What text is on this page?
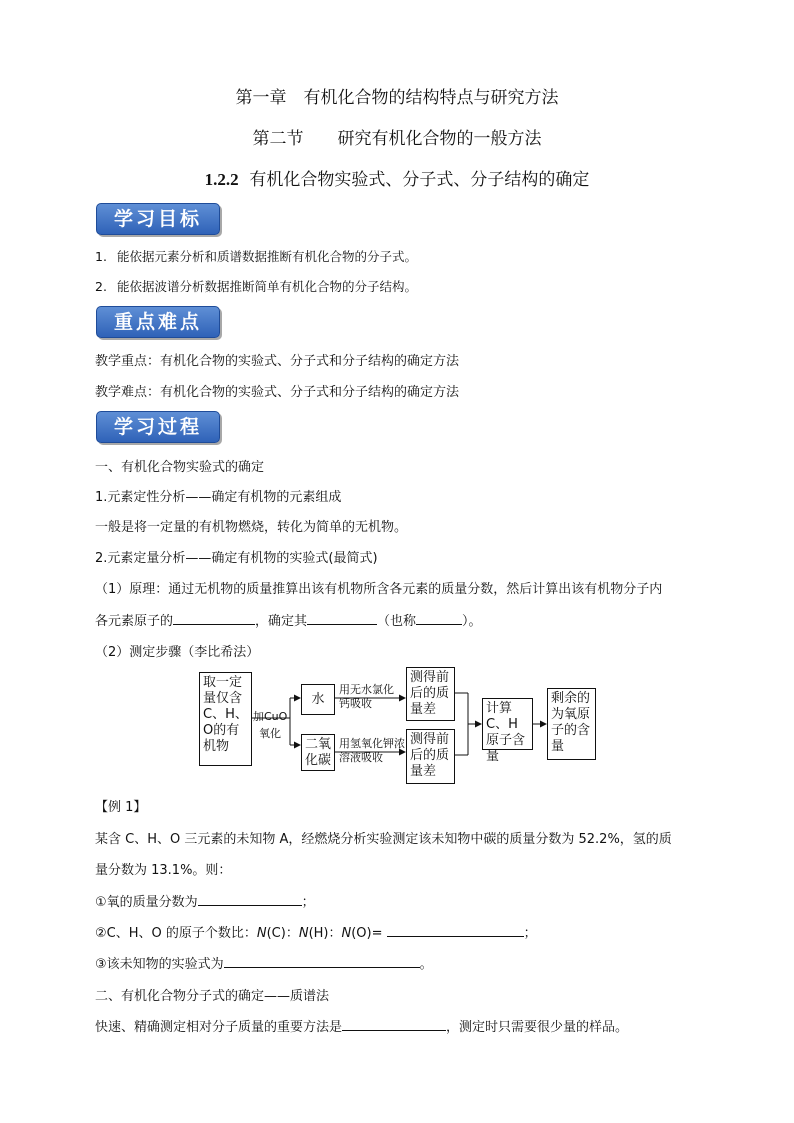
第一章　有机化合物的结构特点与研究方法
第二节　　研究有机化合物的一般方法
1.2.2 有机化合物实验式、分子式、分子结构的确定
学习目标
1. 能依据元素分析和质谱数据推断有机化合物的分子式。
2. 能依据波谱分析数据推断简单有机化合物的分子结构。
重点难点
教学重点：有机化合物的实验式、分子式和分子结构的确定方法
教学难点：有机化合物的实验式、分子式和分子结构的确定方法
学习过程
一、有机化合物实验式的确定
1.元素定性分析——确定有机物的元素组成
一般是将一定量的有机物燃烧，转化为简单的无机物。
2.元素定量分析——确定有机物的实验式(最简式)
（1）原理：通过无机物的质量推算出该有机物所含各元素的质量分数，然后计算出该有机物分子内
各元素原子的	，确定其	（也称	）。
（2）测定步骤（李比希法）
取一定量仅含C、H、O的有机物
加CuO
氧化
水
二氧化碳
用无水氯化钙吸收
用氢氧化钾浓溶液吸收
测得前后的质量差
测得前后的质量差
计算C、H原子含量
剩余的为氧原子的含量
【例 1】
某含 C、H、O 三元素的未知物 A，经燃烧分析实验测定该未知物中碳的质量分数为 52.2%，氢的质
量分数为 13.1%。则：
①氧的质量分数为	；
②C、H、O 的原子个数比：N(C)：N(H)：N(O)=	；
③该未知物的实验式为	。
二、有机化合物分子式的确定——质谱法
快速、精确测定相对分子质量的重要方法是	，测定时只需要很少量的样品。
